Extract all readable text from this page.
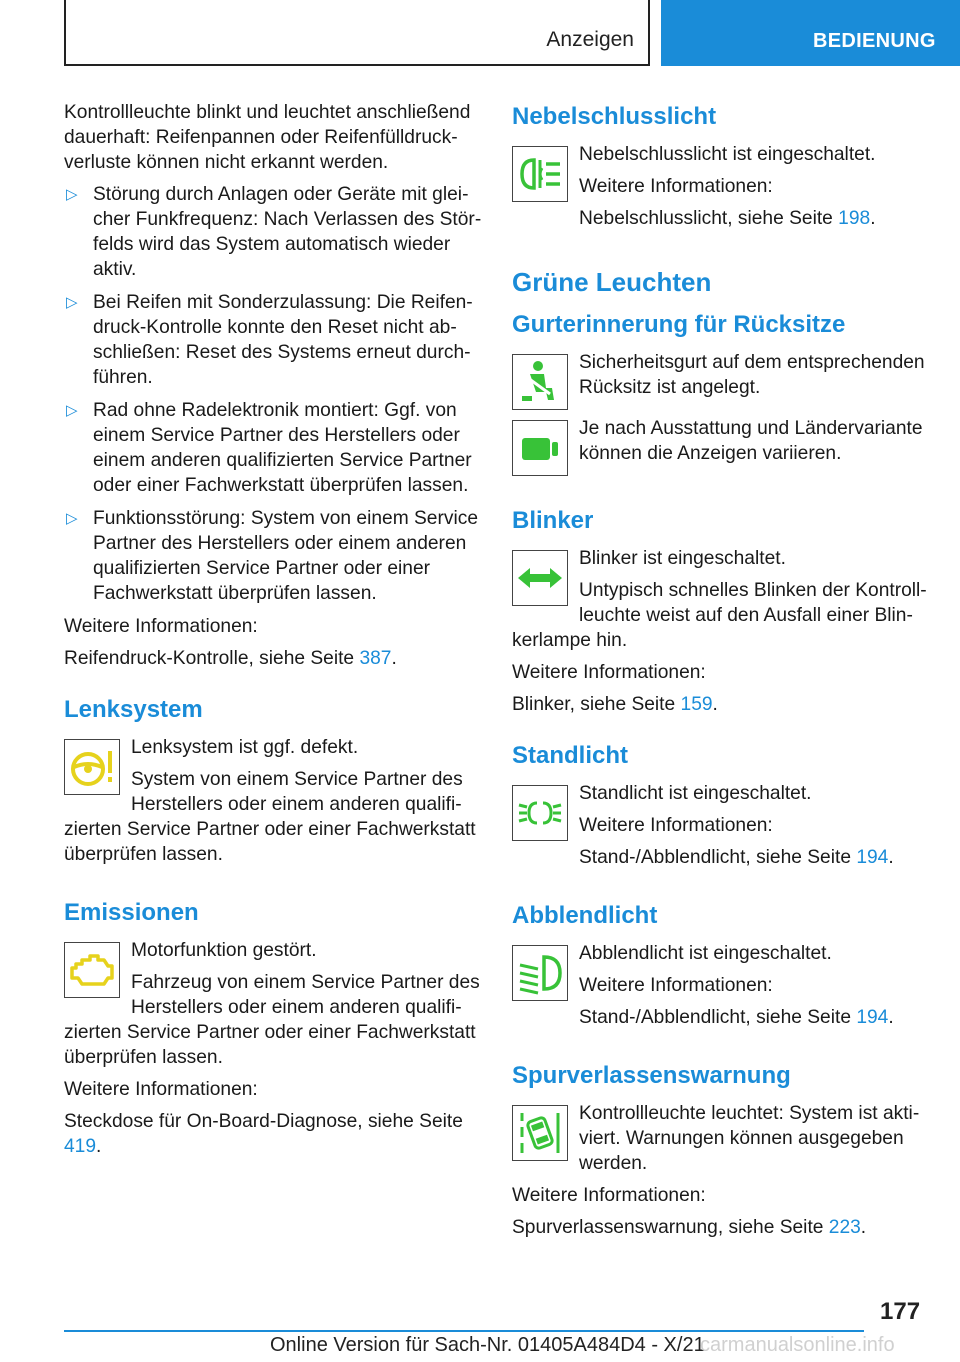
Anzeigen	BEDIENUNG

Kontrollleuchte blinkt und leuchtet anschließend dauerhaft: Reifenpannen oder Reifenfülldruckverluste können nicht erkannt werden.

▷ Störung durch Anlagen oder Geräte mit gleicher Funkfrequenz: Nach Verlassen des Störfelds wird das System automatisch wieder aktiv.
▷ Bei Reifen mit Sonderzulassung: Die Reifendruck-Kontrolle konnte den Reset nicht abschließen: Reset des Systems erneut durchführen.
▷ Rad ohne Radelektronik montiert: Ggf. von einem Service Partner des Herstellers oder einem anderen qualifizierten Service Partner oder einer Fachwerkstatt überprüfen lassen.
▷ Funktionsstörung: System von einem Service Partner des Herstellers oder einem anderen qualifizierten Service Partner oder einer Fachwerkstatt überprüfen lassen.

Weitere Informationen:

Reifendruck-Kontrolle, siehe Seite 387.

Lenksystem

Lenksystem ist ggf. defekt.

System von einem Service Partner des Herstellers oder einem anderen qualifizierten Service Partner oder einer Fachwerkstatt überprüfen lassen.

Emissionen

Motorfunktion gestört.

Fahrzeug von einem Service Partner des Herstellers oder einem anderen qualifizierten Service Partner oder einer Fachwerkstatt überprüfen lassen.

Weitere Informationen:

Steckdose für On-Board-Diagnose, siehe Seite 419.

Nebelschlusslicht

Nebelschlusslicht ist eingeschaltet.

Weitere Informationen:

Nebelschlusslicht, siehe Seite 198.

Grüne Leuchten
Gurterinnerung für Rücksitze

Sicherheitsgurt auf dem entsprechenden Rücksitz ist angelegt.

Je nach Ausstattung und Ländervariante können die Anzeigen variieren.

Blinker

Blinker ist eingeschaltet.

Untypisch schnelles Blinken der Kontrollleuchte weist auf den Ausfall einer Blinkerlampe hin.

Weitere Informationen:

Blinker, siehe Seite 159.

Standlicht

Standlicht ist eingeschaltet.

Weitere Informationen:

Stand-/Abblendlicht, siehe Seite 194.

Abblendlicht

Abblendlicht ist eingeschaltet.

Weitere Informationen:

Stand-/Abblendlicht, siehe Seite 194.

Spurverlassenswarnung

Kontrollleuchte leuchtet: System ist aktiviert. Warnungen können ausgegeben werden.

Weitere Informationen:

Spurverlassenswarnung, siehe Seite 223.

177
Online Version für Sach-Nr. 01405A484D4 - X/21
carmanualsonline.info
